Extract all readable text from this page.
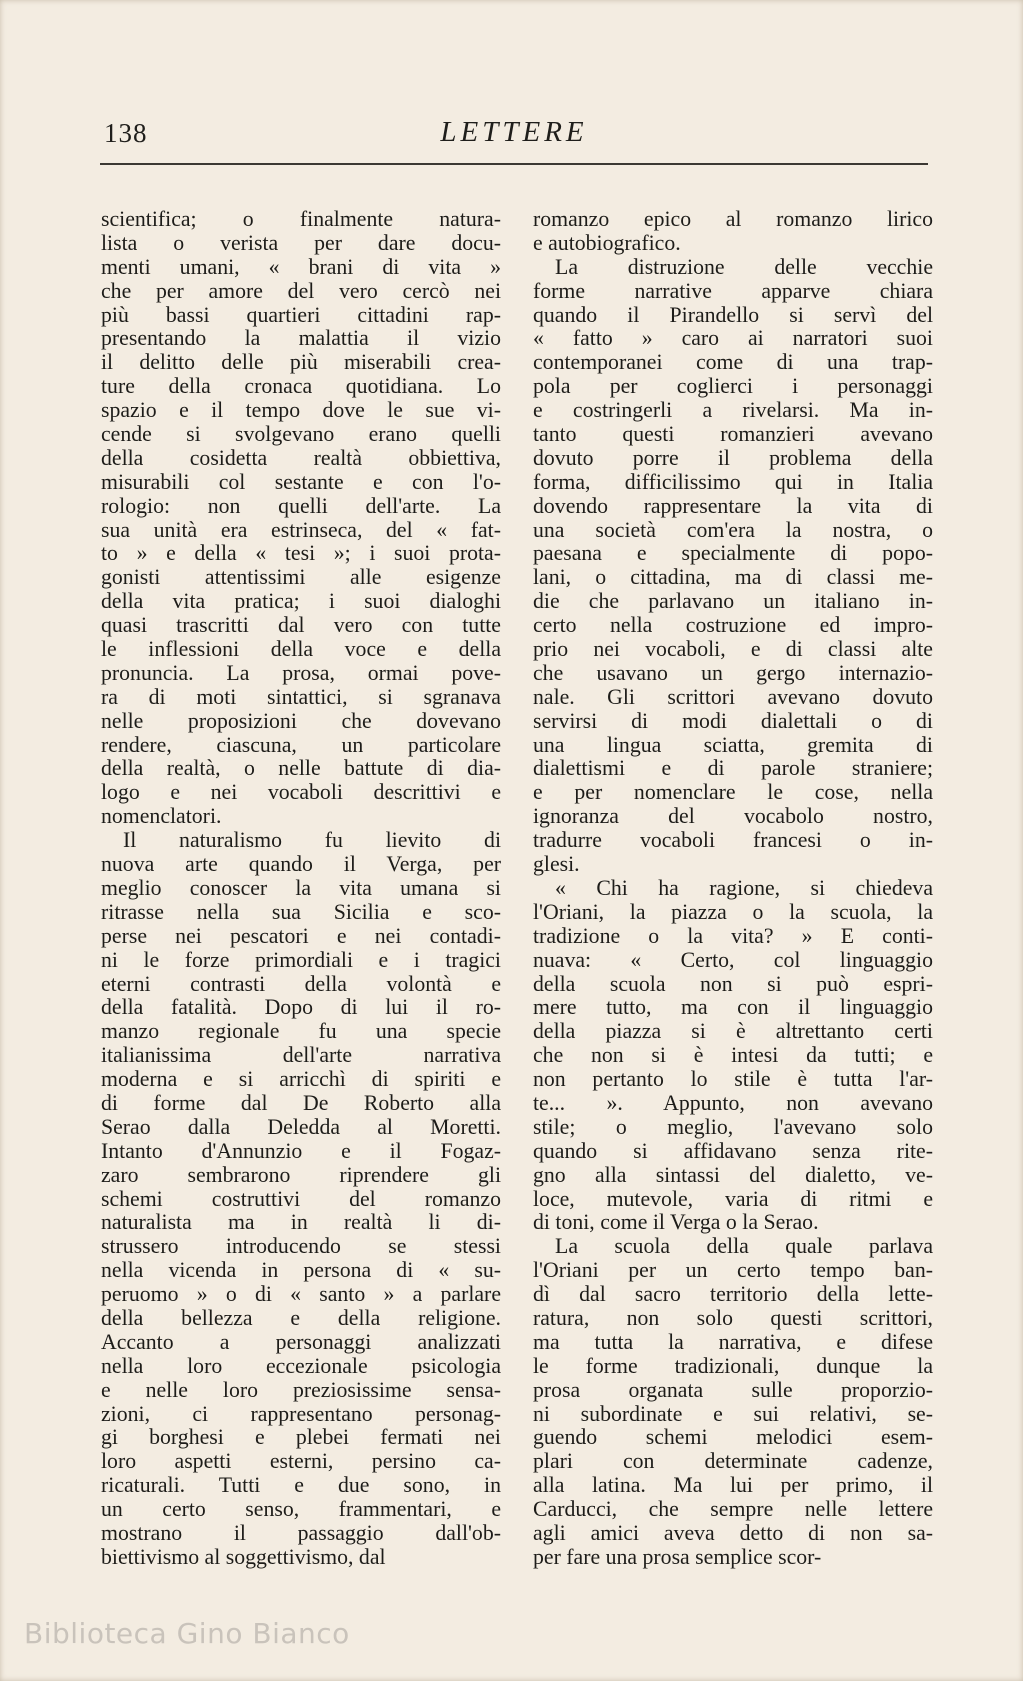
138	LETTERE
scientifica; o finalmente natura-
lista o verista per dare docu-
menti umani, « brani di vita »
che per amore del vero cercò nei
più bassi quartieri cittadini rap-
presentando la malattia il vizio
il delitto delle più miserabili crea-
ture della cronaca quotidiana. Lo
spazio e il tempo dove le sue vi-
cende si svolgevano erano quelli
della cosidetta realtà obbiettiva,
misurabili col sestante e con l'o-
rologio: non quelli dell'arte. La
sua unità era estrinseca, del « fat-
to » e della « tesi »; i suoi prota-
gonisti attentissimi alle esigenze
della vita pratica; i suoi dialoghi
quasi trascritti dal vero con tutte
le inflessioni della voce e della
pronuncia. La prosa, ormai pove-
ra di moti sintattici, si sgranava
nelle proposizioni che dovevano
rendere, ciascuna, un particolare
della realtà, o nelle battute di dia-
logo e nei vocaboli descrittivi e
nomenclatori.
Il naturalismo fu lievito di
nuova arte quando il Verga, per
meglio conoscer la vita umana si
ritrasse nella sua Sicilia e sco-
perse nei pescatori e nei contadi-
ni le forze primordiali e i tragici
eterni contrasti della volontà e
della fatalità. Dopo di lui il ro-
manzo regionale fu una specie
italianissima dell'arte narrativa
moderna e si arricchì di spiriti e
di forme dal De Roberto alla
Serao dalla Deledda al Moretti.
Intanto d'Annunzio e il Fogaz-
zaro sembrarono riprendere gli
schemi costruttivi del romanzo
naturalista ma in realtà li di-
strussero introducendo se stessi
nella vicenda in persona di « su-
peruomo » o di « santo » a parlare
della bellezza e della religione.
Accanto a personaggi analizzati
nella loro eccezionale psicologia
e nelle loro preziosissime sensa-
zioni, ci rappresentano personag-
gi borghesi e plebei fermati nei
loro aspetti esterni, persino ca-
ricaturali. Tutti e due sono, in
un certo senso, frammentari, e
mostrano il passaggio dall'ob-
biettivismo al soggettivismo, dal
romanzo epico al romanzo lirico
e autobiografico.
La distruzione delle vecchie
forme narrative apparve chiara
quando il Pirandello si servì del
« fatto » caro ai narratori suoi
contemporanei come di una trap-
pola per coglierci i personaggi
e costringerli a rivelarsi. Ma in-
tanto questi romanzieri avevano
dovuto porre il problema della
forma, difficilissimo qui in Italia
dovendo rappresentare la vita di
una società com'era la nostra, o
paesana e specialmente di popo-
lani, o cittadina, ma di classi me-
die che parlavano un italiano in-
certo nella costruzione ed impro-
prio nei vocaboli, e di classi alte
che usavano un gergo internazio-
nale. Gli scrittori avevano dovuto
servirsi di modi dialettali o di
una lingua sciatta, gremita di
dialettismi e di parole straniere;
e per nomenclare le cose, nella
ignoranza del vocabolo nostro,
tradurre vocaboli francesi o in-
glesi.
« Chi ha ragione, si chiedeva
l'Oriani, la piazza o la scuola, la
tradizione o la vita? » E conti-
nuava: « Certo, col linguaggio
della scuola non si può espri-
mere tutto, ma con il linguaggio
della piazza si è altrettanto certi
che non si è intesi da tutti; e
non pertanto lo stile è tutta l'ar-
te... ». Appunto, non avevano
stile; o meglio, l'avevano solo
quando si affidavano senza rite-
gno alla sintassi del dialetto, ve-
loce, mutevole, varia di ritmi e
di toni, come il Verga o la Serao.
La scuola della quale parlava
l'Oriani per un certo tempo ban-
dì dal sacro territorio della lette-
ratura, non solo questi scrittori,
ma tutta la narrativa, e difese
le forme tradizionali, dunque la
prosa organata sulle proporzio-
ni subordinate e sui relativi, se-
guendo schemi melodici esem-
plari con determinate cadenze,
alla latina. Ma lui per primo, il
Carducci, che sempre nelle lettere
agli amici aveva detto di non sa-
per fare una prosa semplice scor-
Biblioteca Gino Bianco
